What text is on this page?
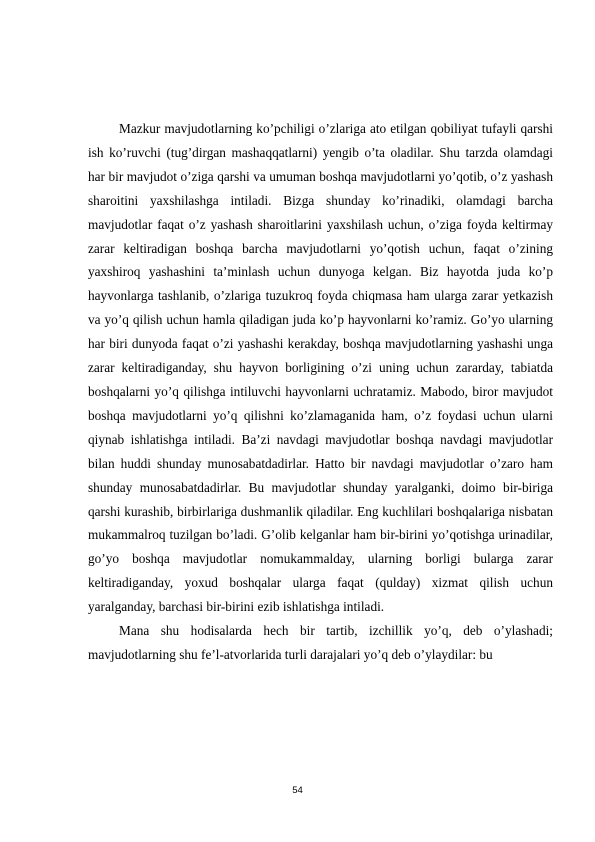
Mazkur mavjudotlarning ko’pchiligi o’zlariga ato etilgan qobiliyat tufayli qarshi ish ko’ruvchi (tug’dirgan mashaqqatlarni) yengib o’ta oladilar. Shu tarzda olamdagi har bir mavjudot o’ziga qarshi va umuman boshqa mavjudotlarni yo’qotib, o’z yashash sharoitini yaxshilashga intiladi. Bizga shunday ko’rinadiki, olamdagi barcha mavjudotlar faqat o’z yashash sharoitlarini yaxshilash uchun, o’ziga foyda keltirmay zarar keltiradigan boshqa barcha mavjudotlarni yo’qotish uchun, faqat o’zining yaxshiroq yashashini ta’minlash uchun dunyoga kelgan. Biz hayotda juda ko’p hayvonlarga tashlanib, o’zlariga tuzukroq foyda chiqmasa ham ularga zarar yetkazish va yo’q qilish uchun hamla qiladigan juda ko’p hayvonlarni ko’ramiz. Go’yo ularning har biri dunyoda faqat o’zi yashashi kerakday, boshqa mavjudotlarning yashashi unga zarar keltiradiganday, shu hayvon borligining o’zi uning uchun zararday, tabiatda boshqalarni yo’q qilishga intiluvchi hayvonlarni uchratamiz. Mabodo, biror mavjudot boshqa mavjudotlarni yo’q qilishni ko’zlamaganida ham, o’z foydasi uchun ularni qiynab ishlatishga intiladi. Ba’zi navdagi mavjudotlar boshqa navdagi mavjudotlar bilan huddi shunday munosabatdadirlar. Hatto bir navdagi mavjudotlar o’zaro ham shunday munosabatdadirlar. Bu mavjudotlar shunday yaralganki, doimo bir-biriga qarshi kurashib, birbirlariga dushmanlik qiladilar. Eng kuchlilari boshqalariga nisbatan mukammalroq tuzilgan bo’ladi. G’olib kelganlar ham bir-birini yo’qotishga urinadilar, go’yo boshqa mavjudotlar nomukammalday, ularning borligi bularga zarar keltiradiganday, yoxud boshqalar ularga faqat (qulday) xizmat qilish uchun yaralganday, barchasi bir-birini ezib ishlatishga intiladi.

Mana shu hodisalarda hech bir tartib, izchillik yo’q, deb o’ylashadi; mavjudotlarning shu fe’l-atvorlarida turli darajalari yo’q deb o’ylaydilar: bu

54
